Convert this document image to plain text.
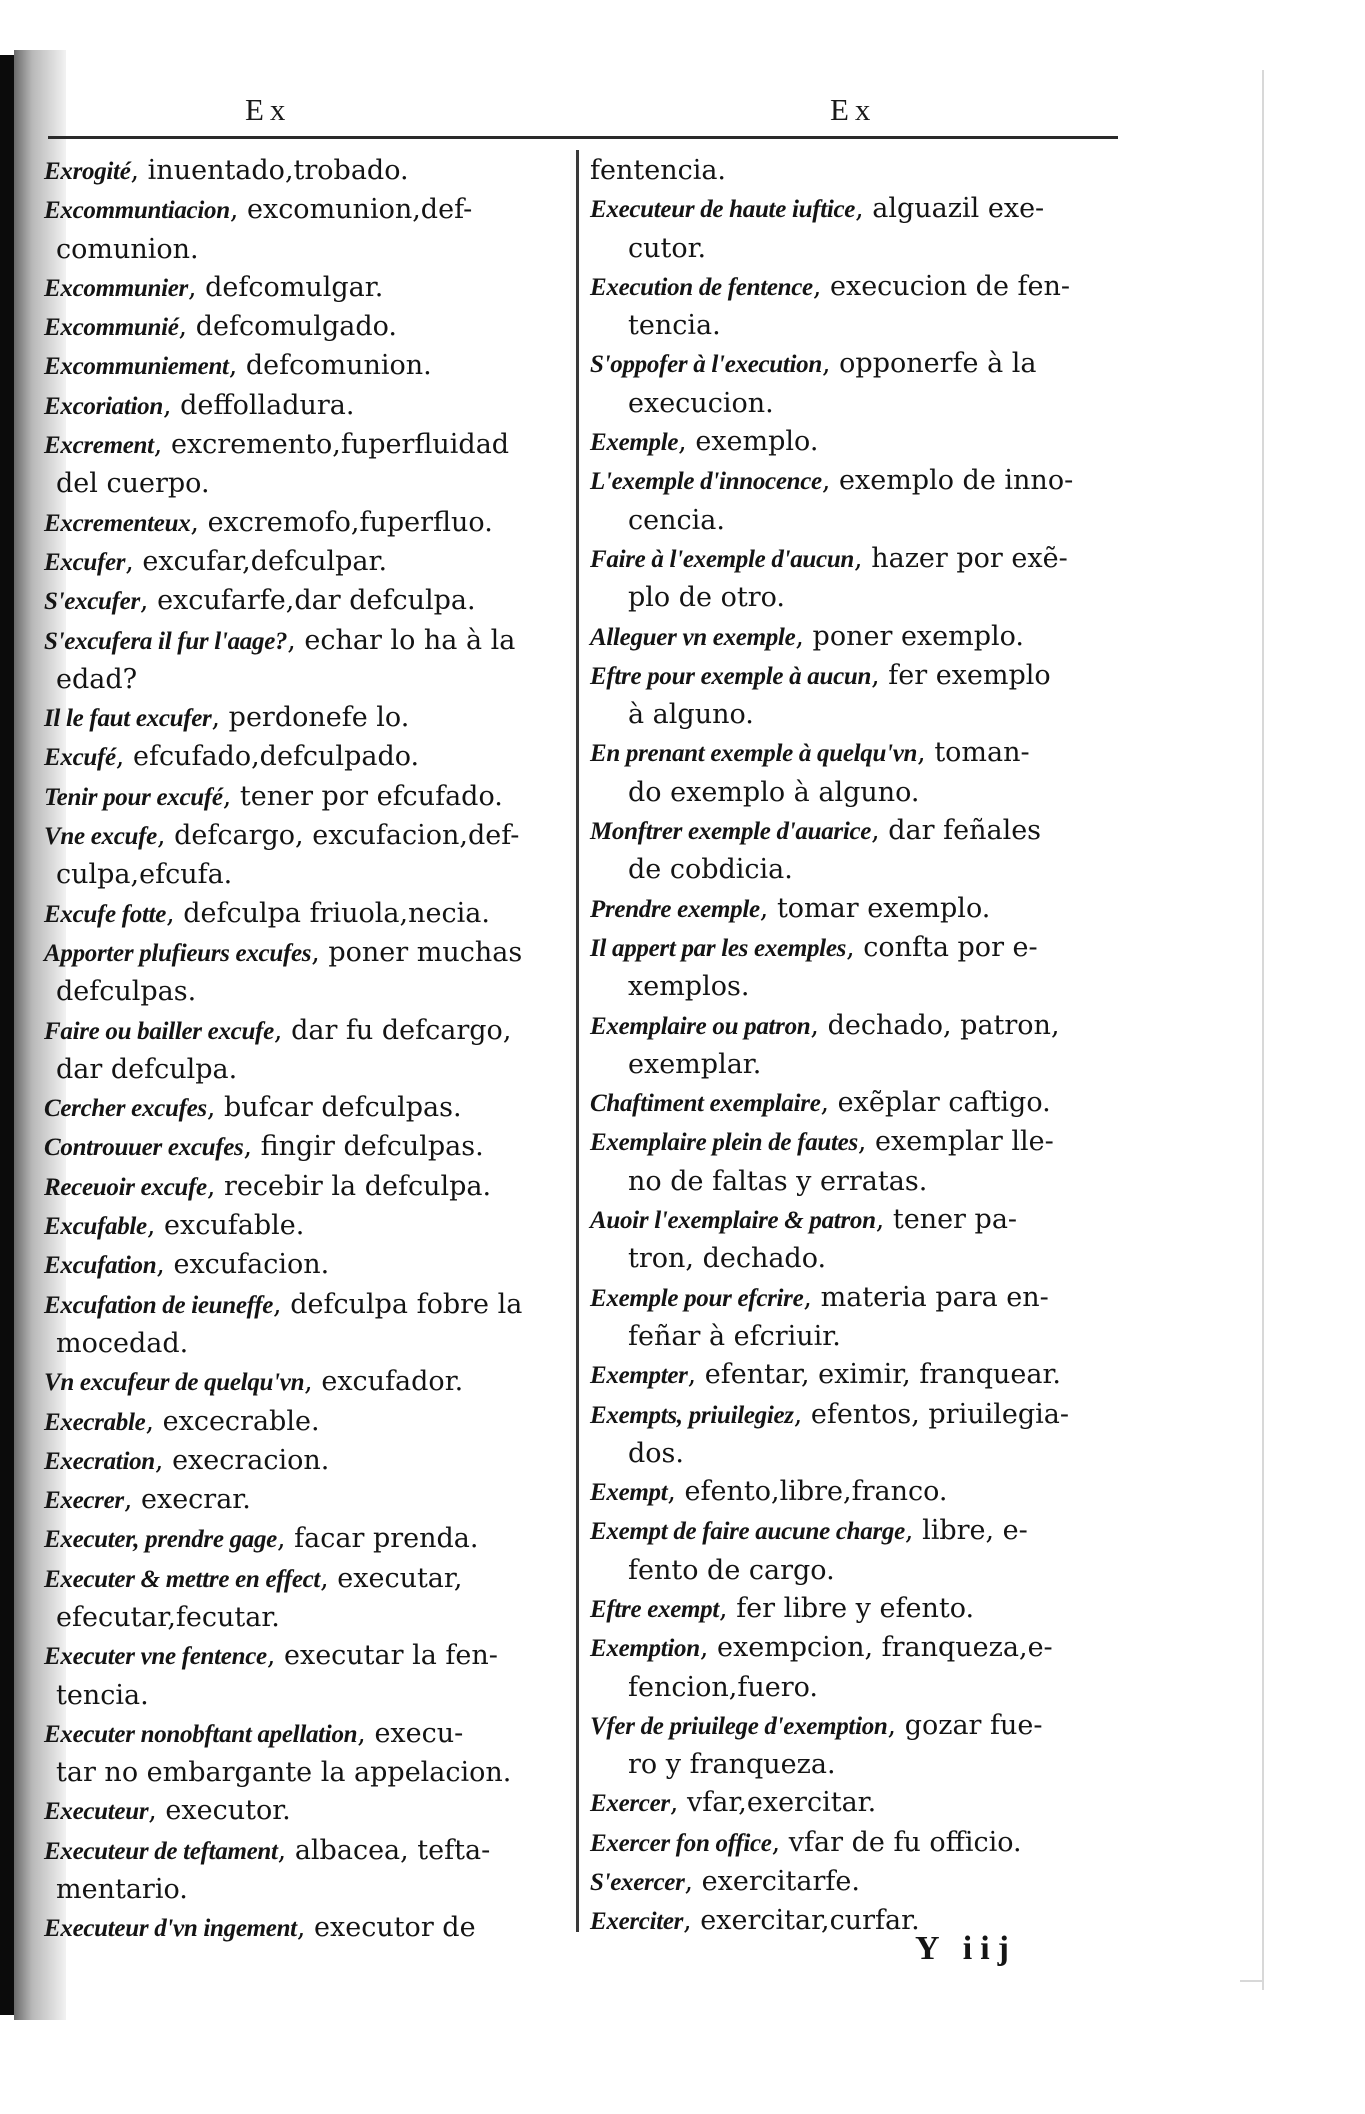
Ex	Ex
Exrogité, inuentado,trobado.
Excommuntiacion, excomunion,def-
comunion.
Excommunier, defcomulgar.
Excommunié, defcomulgado.
Excommuniement, defcomunion.
Excoriation, deffolladura.
Excrement, excremento,fuperfluidad
del cuerpo.
Excrementeux, excremofo,fuperfluo.
Excufer, excufar,defculpar.
S'excufer, excufarfe,dar defculpa.
S'excufera il fur l'aage?, echar lo ha à la
edad?
Il le faut excufer, perdonefe lo.
Excufé, efcufado,defculpado.
Tenir pour excufé, tener por efcufado.
Vne excufe, defcargo, excufacion,def-
culpa,efcufa.
Excufe fotte, defculpa friuola,necia.
Apporter plufieurs excufes, poner muchas
defculpas.
Faire ou bailler excufe, dar fu defcargo,
dar defculpa.
Cercher excufes, bufcar defculpas.
Controuuer excufes, fingir defculpas.
Receuoir excufe, recebir la defculpa.
Excufable, excufable.
Excufation, excufacion.
Excufation de ieuneffe, defculpa fobre la
mocedad.
Vn excufeur de quelqu'vn, excufador.
Execrable, excecrable.
Execration, execracion.
Execrer, execrar.
Executer, prendre gage, facar prenda.
Executer & mettre en effect, executar,
efecutar,fecutar.
Executer vne fentence, executar la fen-
tencia.
Executer nonobftant apellation, execu-
tar no embargante la appelacion.
Executeur, executor.
Executeur de teftament, albacea, tefta-
mentario.
Executeur d'vn ingement, executor de
fentencia.
Executeur de haute iuftice, alguazil exe-
cutor.
Execution de fentence, execucion de fen-
tencia.
S'oppofer à l'execution, opponerfe à la
execucion.
Exemple, exemplo.
L'exemple d'innocence, exemplo de inno-
cencia.
Faire à l'exemple d'aucun, hazer por exẽ-
plo de otro.
Alleguer vn exemple, poner exemplo.
Eftre pour exemple à aucun, fer exemplo
à alguno.
En prenant exemple à quelqu'vn, toman-
do exemplo à alguno.
Monftrer exemple d'auarice, dar feñales
de cobdicia.
Prendre exemple, tomar exemplo.
Il appert par les exemples, confta por e-
xemplos.
Exemplaire ou patron, dechado, patron,
exemplar.
Chaftiment exemplaire, exẽplar caftigo.
Exemplaire plein de fautes, exemplar lle-
no de faltas y erratas.
Auoir l'exemplaire & patron, tener pa-
tron, dechado.
Exemple pour efcrire, materia para en-
feñar à efcriuir.
Exempter, efentar, eximir, franquear.
Exempts, priuilegiez, efentos, priuilegia-
dos.
Exempt, efento,libre,franco.
Exempt de faire aucune charge, libre, e-
fento de cargo.
Eftre exempt, fer libre y efento.
Exemption, exempcion, franqueza,e-
fencion,fuero.
Vfer de priuilege d'exemption, gozar fue-
ro y franqueza.
Exercer, vfar,exercitar.
Exercer fon office, vfar de fu officio.
S'exercer, exercitarfe.
Exerciter, exercitar,curfar.
Y iij
